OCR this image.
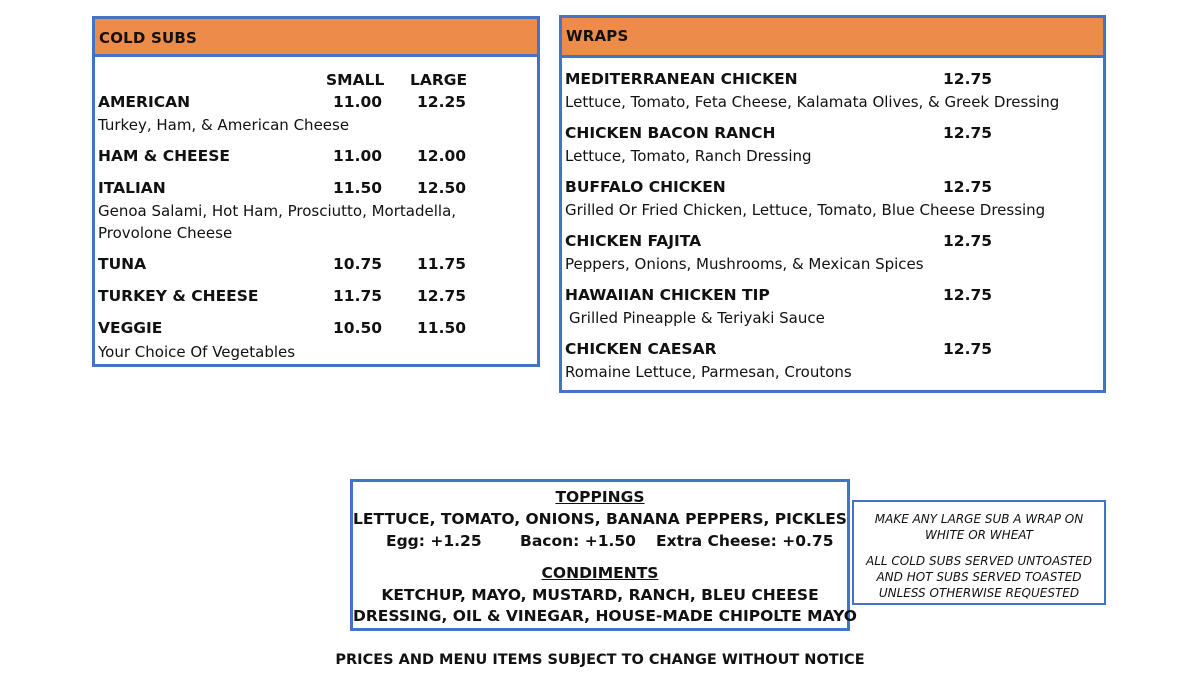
COLD SUBS
SMALL LARGE
AMERICAN	11.00 12.25
Turkey, Ham, & American Cheese
HAM & CHEESE	11.00 12.00
ITALIAN	11.50 12.50
Genoa Salami, Hot Ham, Prosciutto, Mortadella, Provolone Cheese
TUNA	10.75 11.75
TURKEY & CHEESE	11.75 12.75
VEGGIE	10.50 11.50
Your Choice Of Vegetables
WRAPS
MEDITERRANEAN CHICKEN	12.75
Lettuce, Tomato, Feta Cheese, Kalamata Olives, & Greek Dressing
CHICKEN BACON RANCH	12.75
Lettuce, Tomato, Ranch Dressing
BUFFALO CHICKEN	12.75
Grilled Or Fried Chicken, Lettuce, Tomato, Blue Cheese Dressing
CHICKEN FAJITA	12.75
Peppers, Onions, Mushrooms, & Mexican Spices
HAWAIIAN CHICKEN TIP	12.75
Grilled Pineapple & Teriyaki Sauce
CHICKEN CAESAR	12.75
Romaine Lettuce, Parmesan, Croutons
TOPPINGS
LETTUCE, TOMATO, ONIONS, BANANA PEPPERS, PICKLES
Egg: +1.25 Bacon: +1.50 Extra Cheese: +0.75
CONDIMENTS
KETCHUP, MAYO, MUSTARD, RANCH, BLEU CHEESE
DRESSING, OIL & VINEGAR, HOUSE-MADE CHIPOLTE MAYO
MAKE ANY LARGE SUB A WRAP ON
WHITE OR WHEAT
ALL COLD SUBS SERVED UNTOASTED
AND HOT SUBS SERVED TOASTED
UNLESS OTHERWISE REQUESTED
PRICES AND MENU ITEMS SUBJECT TO CHANGE WITHOUT NOTICE
